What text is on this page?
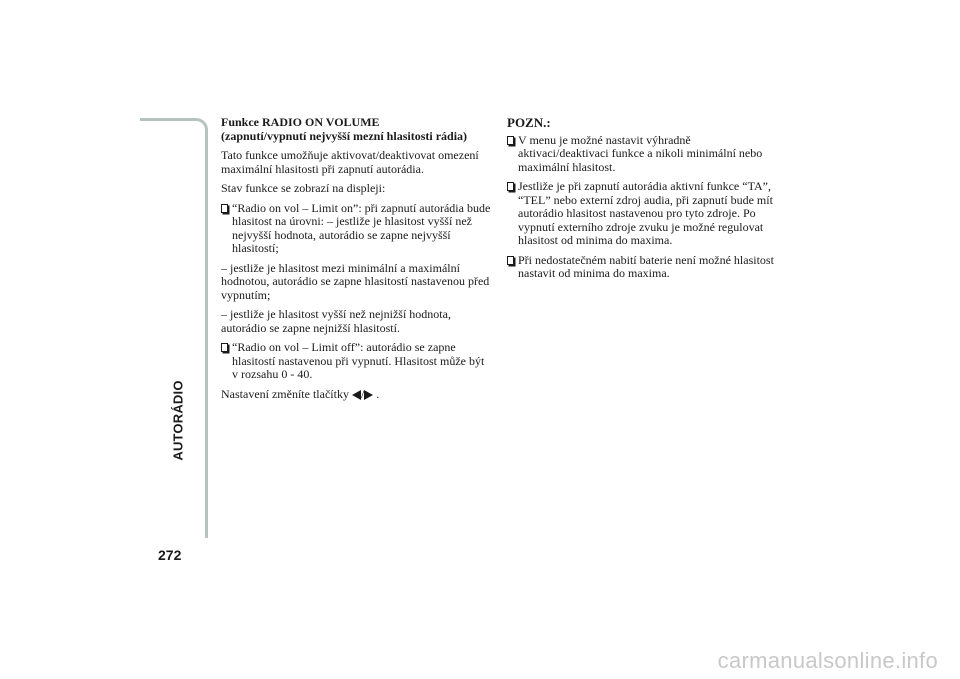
AUTORÁDIO
272
Funkce RADIO ON VOLUME
(zapnutí/vypnutí nejvyšší mezní hlasitosti rádia)

Tato funkce umožňuje aktivovat/deaktivovat omezení maximální hlasitosti při zapnutí autorádia.

Stav funkce se zobrazí na displeji:

“Radio on vol – Limit on”: při zapnutí autorádia bude hlasitost na úrovni: – jestliže je hlasitost vyšší než nejvyšší hodnota, autorádio se zapne nejvyšší hlasitostí;

– jestliže je hlasitost mezi minimální a maximální hodnotou, autorádio se zapne hlasitostí nastavenou před vypnutím;

– jestliže je hlasitost vyšší než nejnižší hodnota, autorádio se zapne nejnižší hlasitostí.

“Radio on vol – Limit off”: autorádio se zapne hlasitostí nastavenou při vypnutí. Hlasitost může být v rozsahu 0 - 40.

Nastavení změníte tlačítky / .

POZN.:
V menu je možné nastavit výhradně aktivaci/deaktivaci funkce a nikoli minimální nebo maximální hlasitost.
Jestliže je při zapnutí autorádia aktivní funkce “TA”, “TEL” nebo externí zdroj audia, při zapnutí bude mít autorádio hlasitost nastavenou pro tyto zdroje. Po vypnutí externího zdroje zvuku je možné regulovat hlasitost od minima do maxima.
Při nedostatečném nabití baterie není možné hlasitost nastavit od minima do maxima.
carmanualsonline.info
